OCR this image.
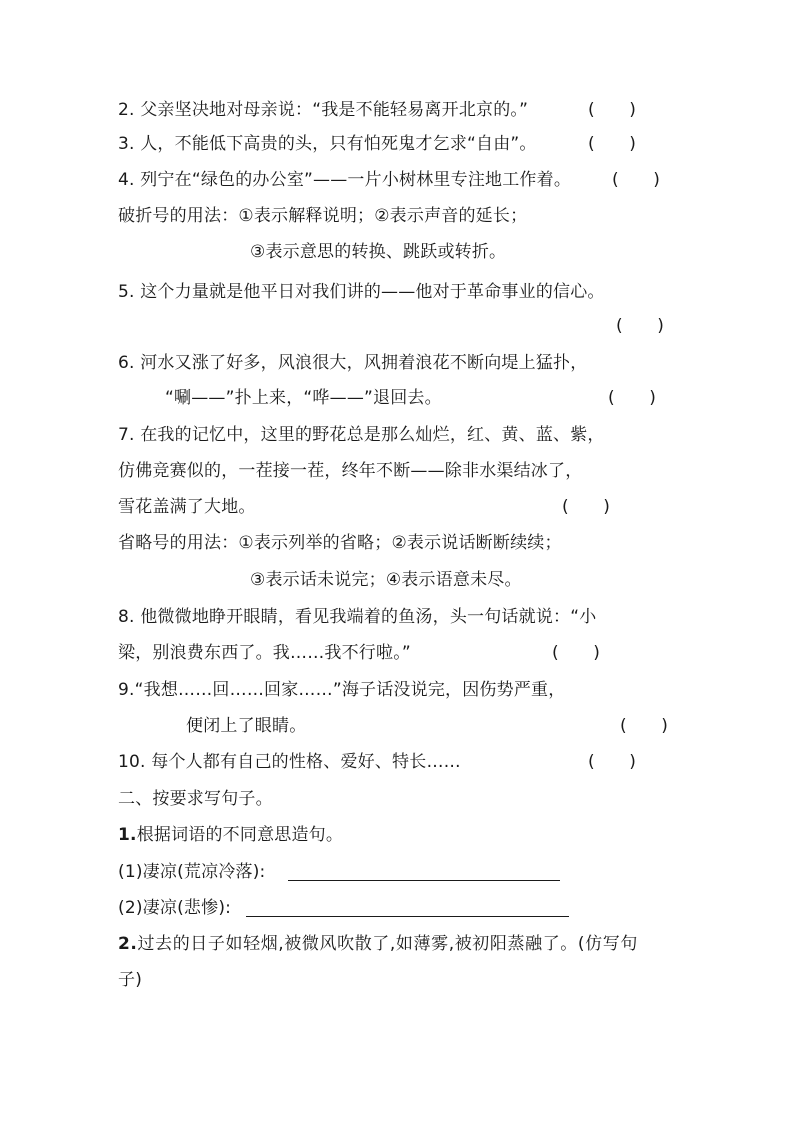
2. 父亲坚决地对母亲说：“我是不能轻易离开北京的。”	(　　)
3. 人，不能低下高贵的头，只有怕死鬼才乞求“自由”。	(　　)
4. 列宁在“绿色的办公室”——一片小树林里专注地工作着。 (　　)
破折号的用法：①表示解释说明；②表示声音的延长；
③表示意思的转换、跳跃或转折。
5. 这个力量就是他平日对我们讲的——他对于革命事业的信心。
(　　)
6. 河水又涨了好多，风浪很大，风拥着浪花不断向堤上猛扑，
“唰——”扑上来，“哗——”退回去。	(　　)
7. 在我的记忆中，这里的野花总是那么灿烂，红、黄、蓝、紫，
仿佛竞赛似的，一茬接一茬，终年不断——除非水渠结冰了，
雪花盖满了大地。	(　　)
省略号的用法：①表示列举的省略；②表示说话断断续续；
③表示话未说完；④表示语意未尽。
8. 他微微地睁开眼睛，看见我端着的鱼汤，头一句话就说：“小
梁，别浪费东西了。我……我不行啦。”	(　　)
9.“我想……回……回家……”海子话没说完，因伤势严重，
便闭上了眼睛。	(　　)
10. 每个人都有自己的性格、爱好、特长……	(　　)
二、按要求写句子。
1.根据词语的不同意思造句。
(1)凄凉(荒凉冷落):
(2)凄凉(悲惨):
2.过去的日子如轻烟,被微风吹散了,如薄雾,被初阳蒸融了。(仿写句
子)
